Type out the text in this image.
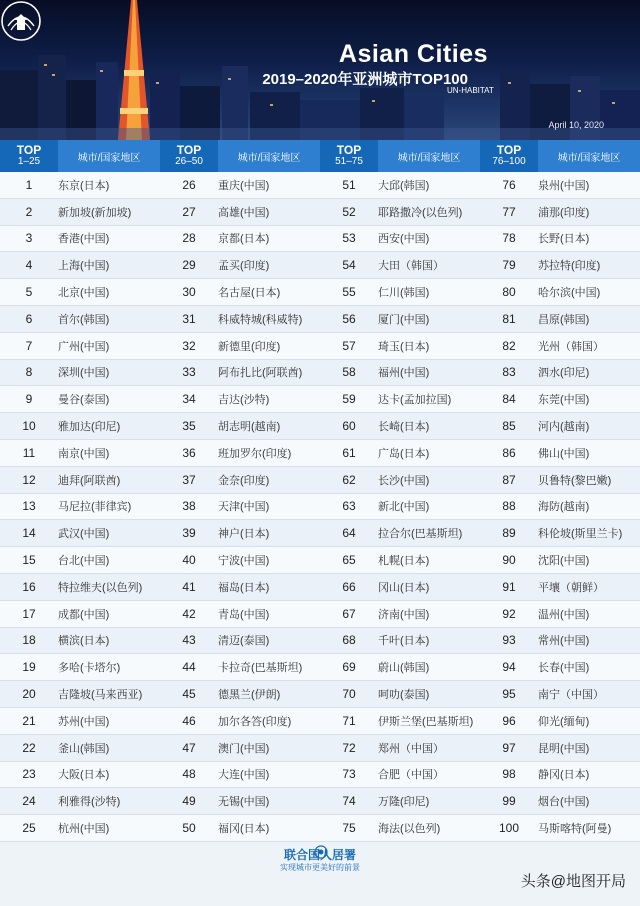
Asian Cities
2019–2020年亚洲城市TOP100
UN-HABITAT
April 10, 2020
TOP
1–25	城市/国家地区
TOP
26–50	城市/国家地区
TOP
51–75	城市/国家地区
TOP
76–100	城市/国家地区
1	东京(日本)	26	重庆(中国)	51	大邱(韩国)	76	泉州(中国)
2	新加坡(新加坡)	27	高雄(中国)	52	耶路撒冷(以色列)	77	浦那(印度)
3	香港(中国)	28	京都(日本)	53	西安(中国)	78	长野(日本)
4	上海(中国)	29	孟买(印度)	54	大田（韩国）	79	苏拉特(印度)
5	北京(中国)	30	名古屋(日本)	55	仁川(韩国)	80	哈尔滨(中国)
6	首尔(韩国)	31	科威特城(科威特)	56	厦门(中国)	81	昌原(韩国)
7	广州(中国)	32	新德里(印度)	57	琦玉(日本)	82	光州（韩国）
8	深圳(中国)	33	阿布扎比(阿联酋)	58	福州(中国)	83	泗水(印尼)
9	曼谷(泰国)	34	吉达(沙特)	59	达卡(孟加拉国)	84	东莞(中国)
10	雅加达(印尼)	35	胡志明(越南)	60	长崎(日本)	85	河内(越南)
11	南京(中国)	36	班加罗尔(印度)	61	广岛(日本)	86	佛山(中国)
12	迪拜(阿联酋)	37	金奈(印度)	62	长沙(中国)	87	贝鲁特(黎巴嫩)
13	马尼拉(菲律宾)	38	天津(中国)	63	新北(中国)	88	海防(越南)
14	武汉(中国)	39	神户(日本)	64	拉合尔(巴基斯坦)	89	科伦坡(斯里兰卡)
15	台北(中国)	40	宁波(中国)	65	札幌(日本)	90	沈阳(中国)
16	特拉维夫(以色列)	41	福岛(日本)	66	冈山(日本)	91	平壤（朝鲜）
17	成都(中国)	42	青岛(中国)	67	济南(中国)	92	温州(中国)
18	横滨(日本)	43	清迈(泰国)	68	千叶(日本)	93	常州(中国)
19	多哈(卡塔尔)	44	卡拉奇(巴基斯坦)	69	蔚山(韩国)	94	长春(中国)
20	吉隆坡(马来西亚)	45	德黑兰(伊朗)	70	呵叻(泰国)	95	南宁（中国）
21	苏州(中国)	46	加尔各答(印度)	71	伊斯兰堡(巴基斯坦)	96	仰光(缅甸)
22	釜山(韩国)	47	澳门(中国)	72	郑州（中国）	97	昆明(中国)
23	大阪(日本)	48	大连(中国)	73	合肥（中国）	98	静冈(日本)
24	利雅得(沙特)	49	无锡(中国)	74	万隆(印尼)	99	烟台(中国)
25	杭州(中国)	50	福冈(日本)	75	海法(以色列)	100	马斯喀特(阿曼)
联合国人居署
实现城市更美好的前景
头条@地图开局
